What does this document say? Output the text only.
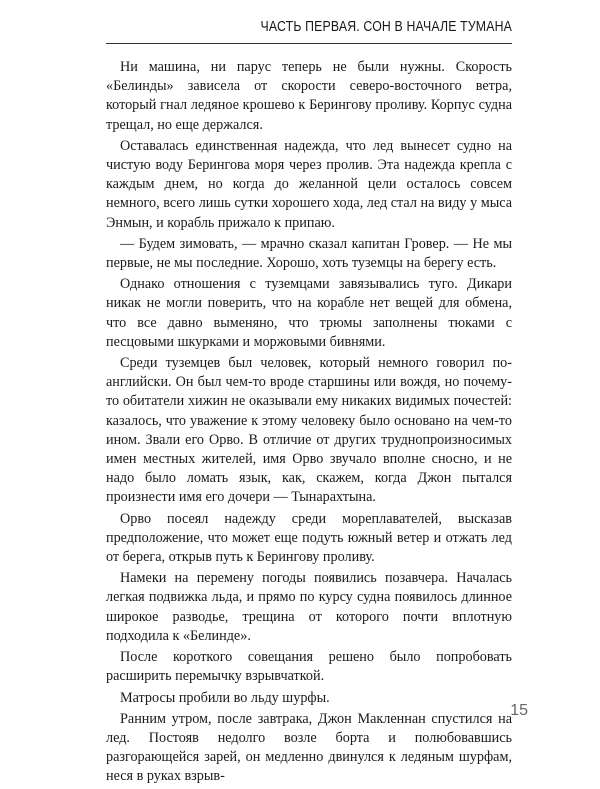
ЧАСТЬ ПЕРВАЯ. СОН В НАЧАЛЕ ТУМАНА

Ни машина, ни парус теперь не были нужны. Скорость «Белинды» зависела от скорости северо-восточного ветра, который гнал ледяное крошево к Берингову проливу. Корпус судна трещал, но еще держался.

Оставалась единственная надежда, что лед вынесет судно на чистую воду Берингова моря через пролив. Эта надежда крепла с каждым днем, но когда до желанной цели осталось совсем немного, всего лишь сутки хорошего хода, лед стал на виду у мыса Энмын, и корабль прижало к припаю.

— Будем зимовать, — мрачно сказал капитан Гровер. — Не мы первые, не мы последние. Хорошо, хоть туземцы на берегу есть.

Однако отношения с туземцами завязывались туго. Дикари никак не могли поверить, что на корабле нет вещей для обмена, что все давно выменяно, что трюмы заполнены тюками с песцовыми шкурками и моржовыми бивнями.

Среди туземцев был человек, который немного говорил по-английски. Он был чем-то вроде старшины или вождя, но почему-то обитатели хижин не оказывали ему никаких видимых почестей: казалось, что уважение к этому человеку было основано на чем-то ином. Звали его Орво. В отличие от других труднопроизносимых имен местных жителей, имя Орво звучало вполне сносно, и не надо было ломать язык, как, скажем, когда Джон пытался произнести имя его дочери — Тынарахтына.

Орво посеял надежду среди мореплавателей, высказав предположение, что может еще подуть южный ветер и отжать лед от берега, открыв путь к Берингову проливу.

Намеки на перемену погоды появились позавчера. Началась легкая подвижка льда, и прямо по курсу судна появилось длинное широкое разводье, трещина от которого почти вплотную подходила к «Белинде».

После короткого совещания решено было попробовать расширить перемычку взрывчаткой.

Матросы пробили во льду шурфы.

Ранним утром, после завтрака, Джон Макленнан спустился на лед. Постояв недолго возле борта и полюбовавшись разгорающейся зарей, он медленно двинулся к ледяным шурфам, неся в руках взрыв-

15
